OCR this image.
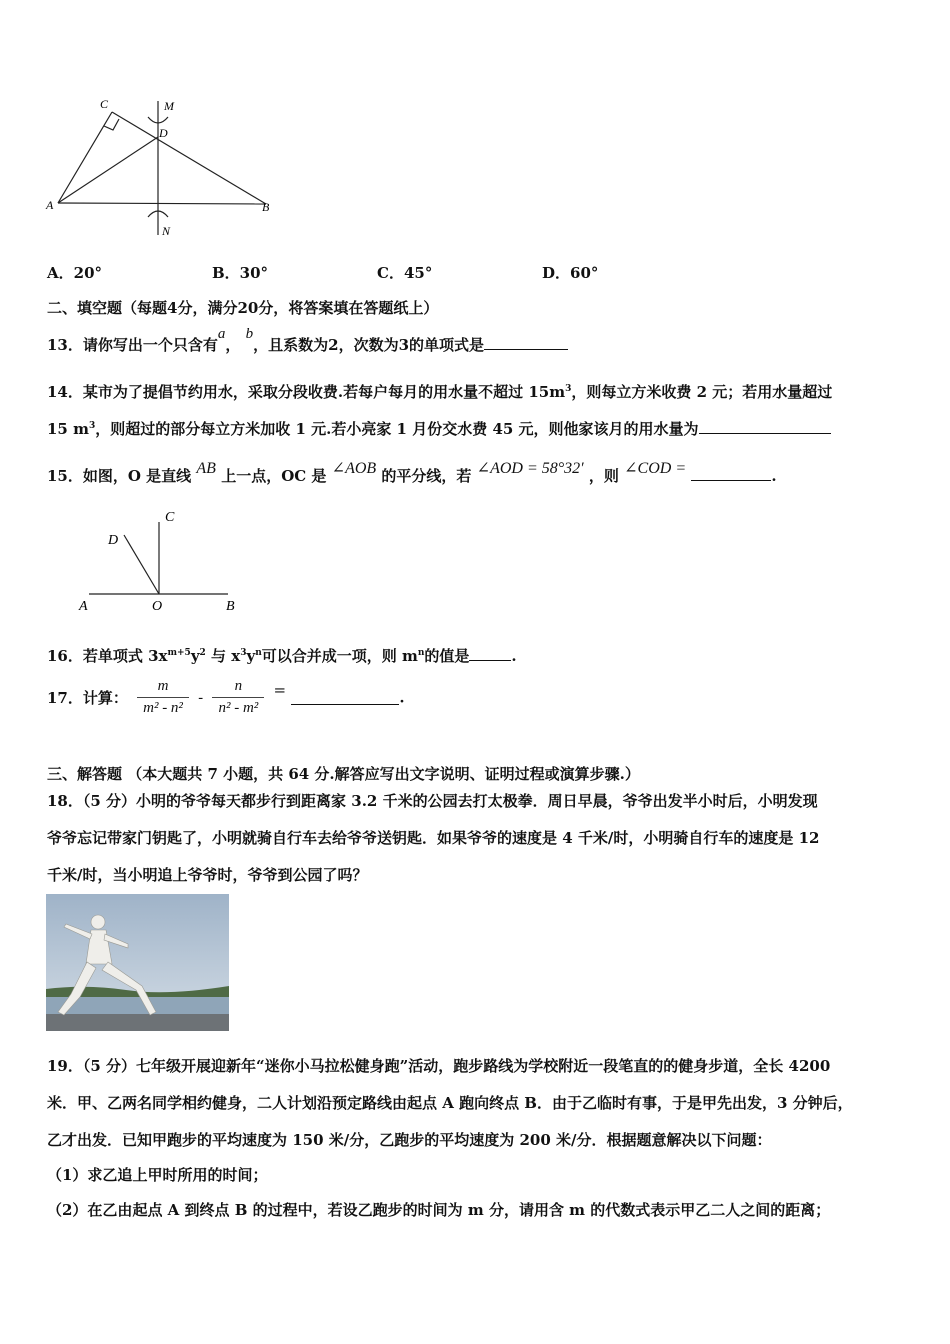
C	M
D
A	B
N
A．20°	B．30°	C．45°	D．60°
二、填空题（每题4分，满分20分，将答案填在答题纸上）
13．请你写出一个只含有a， b，且系数为2，次数为3的单项式是
14．某市为了提倡节约用水，采取分段收费.若每户每月的用水量不超过 $15m^3$，则每立方米收费 2 元；若用水量超过
15 $m^3$，则超过的部分每立方米加收 1 元.若小亮家 1 月份交水费 45 元，则他家该月的用水量为
15．如图，O 是直线 AB 上一点，OC 是 ∠AOB 的平分线，若 ∠AOD = 58°32′ ，则 ∠COD =	.
A	O	B
C
D
16．若单项式 $3x^{m+5}y^2$ 与 $x^3y^n$可以合并成一项，则 $m^n$的值是	.
17．计算： $\frac{m}{\text{m² - n²}} - \frac{n}{\text{n² - m²}}$ =	.
三、解答题 （本大题共 7 小题，共 64 分.解答应写出文字说明、证明过程或演算步骤.）
18．（5 分）小明的爷爷每天都步行到距离家 3.2 千米的公园去打太极拳．周日早晨，爷爷出发半小时后，小明发现
爷爷忘记带家门钥匙了，小明就骑自行车去给爷爷送钥匙．如果爷爷的速度是 4 千米/时，小明骑自行车的速度是 12
千米/时，当小明追上爷爷时，爷爷到公园了吗？
19．（5 分）七年级开展迎新年“迷你小马拉松健身跑”活动，跑步路线为学校附近一段笔直的的健身步道，全长 4200
米．甲、乙两名同学相约健身，二人计划沿预定路线由起点 A 跑向终点 B．由于乙临时有事，于是甲先出发，3 分钟后，
乙才出发．已知甲跑步的平均速度为 150 米/分，乙跑步的平均速度为 200 米/分．根据题意解决以下问题：
（1）求乙追上甲时所用的时间；
（2）在乙由起点 A 到终点 B 的过程中，若设乙跑步的时间为 m 分，请用含 m 的代数式表示甲乙二人之间的距离；
